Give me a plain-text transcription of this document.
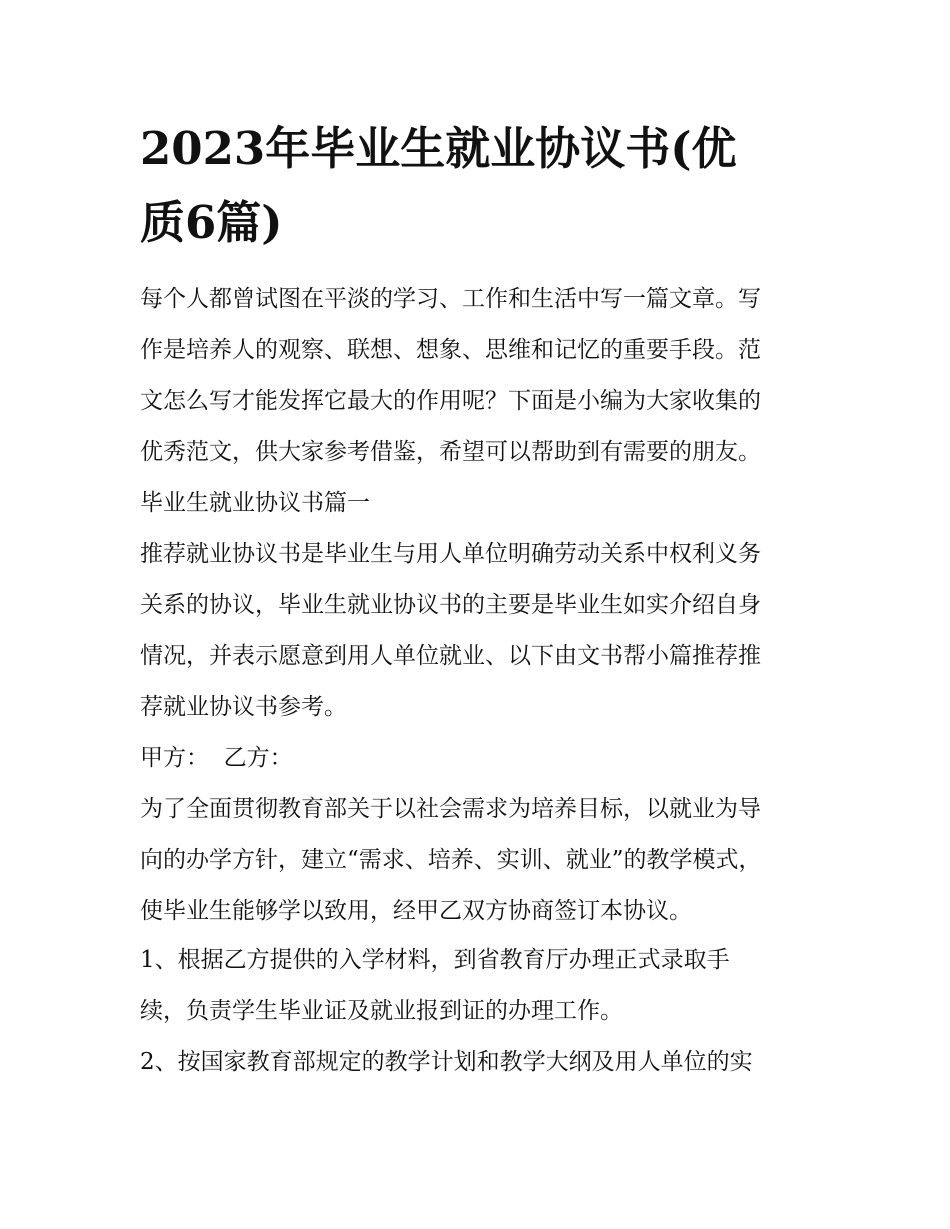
2023年毕业生就业协议书(优
质6篇)
每个人都曾试图在平淡的学习、工作和生活中写一篇文章。写
作是培养人的观察、联想、想象、思维和记忆的重要手段。范
文怎么写才能发挥它最大的作用呢？下面是小编为大家收集的
优秀范文，供大家参考借鉴，希望可以帮助到有需要的朋友。
毕业生就业协议书篇一
推荐就业协议书是毕业生与用人单位明确劳动关系中权利义务
关系的协议，毕业生就业协议书的主要是毕业生如实介绍自身
情况，并表示愿意到用人单位就业、以下由文书帮小篇推荐推
荐就业协议书参考。
甲方：  乙方：
为了全面贯彻教育部关于以社会需求为培养目标，以就业为导
向的办学方针，建立“需求、培养、实训、就业”的教学模式，
使毕业生能够学以致用，经甲乙双方协商签订本协议。
1、根据乙方提供的入学材料，到省教育厅办理正式录取手
续，负责学生毕业证及就业报到证的办理工作。
2、按国家教育部规定的教学计划和教学大纲及用人单位的实
